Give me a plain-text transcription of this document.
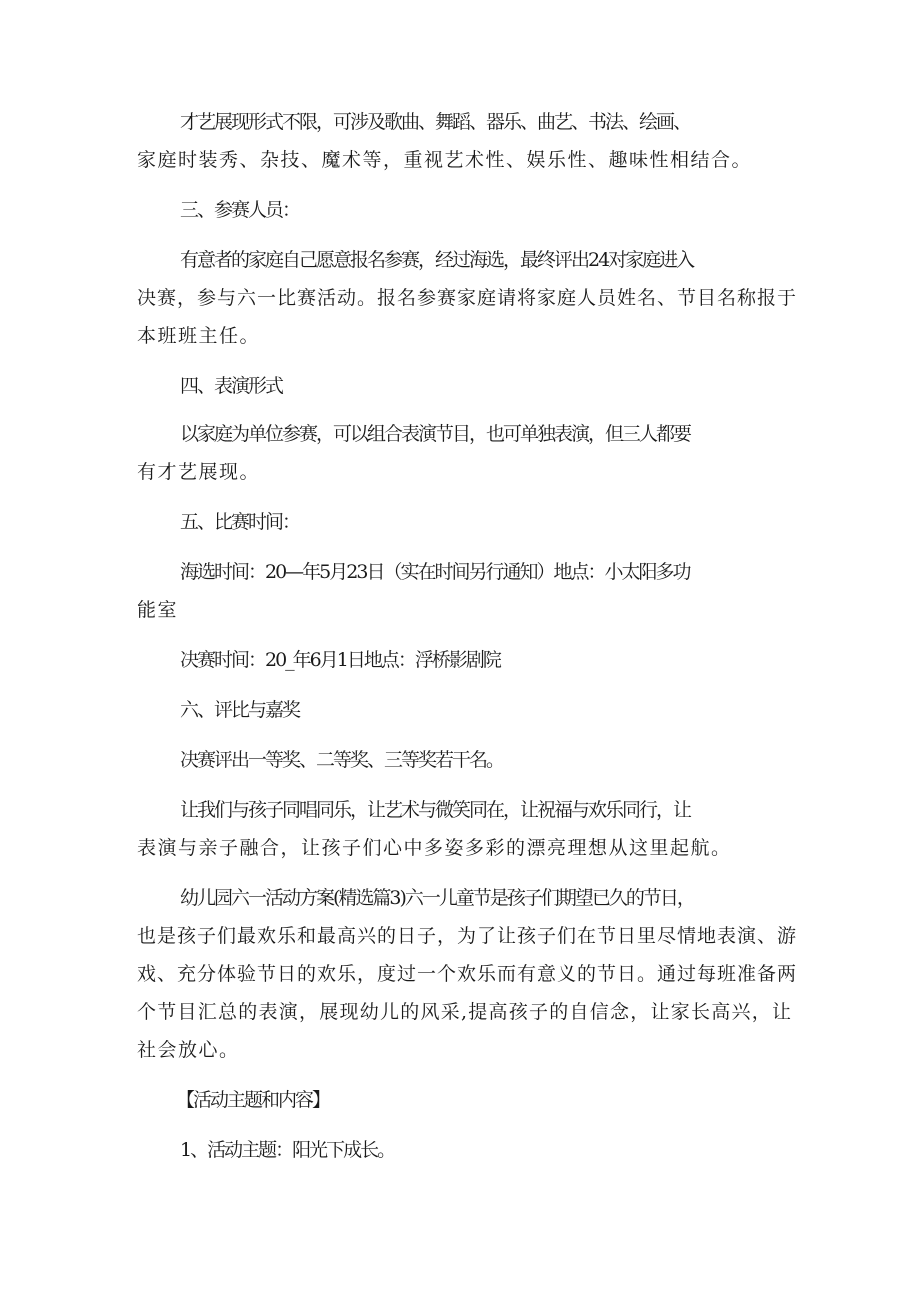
才艺展现形式不限，可涉及歌曲、舞蹈、器乐、曲艺、书法、绘画、
家庭时装秀、杂技、魔术等，重视艺术性、娱乐性、趣味性相结合。
三、参赛人员：
有意者的家庭自己愿意报名参赛，经过海选，最终评出24对家庭进入
决赛，参与六一比赛活动。报名参赛家庭请将家庭人员姓名、节目名称报于
本班班主任。
四、表演形式
以家庭为单位参赛，可以组合表演节目，也可单独表演，但三人都要
有才艺展现。
五、比赛时间：
海选时间：20—年5月23日（实在时间另行通知）地点：小太阳多功
能室
决赛时间：20_年6月1日地点：浮桥影剧院
六、评比与嘉奖
决赛评出一等奖、二等奖、三等奖若干名。
让我们与孩子同唱同乐，让艺术与微笑同在，让祝福与欢乐同行，让
表演与亲子融合，让孩子们心中多姿多彩的漂亮理想从这里起航。
幼儿园六一活动方案(精选篇3)六一儿童节是孩子们期望已久的节日，
也是孩子们最欢乐和最高兴的日子，为了让孩子们在节日里尽情地表演、游
戏、充分体验节日的欢乐，度过一个欢乐而有意义的节日。通过每班准备两
个节目汇总的表演，展现幼儿的风采,提高孩子的自信念，让家长高兴，让
社会放心。
【活动主题和内容】
1、活动主题：阳光下成长。
